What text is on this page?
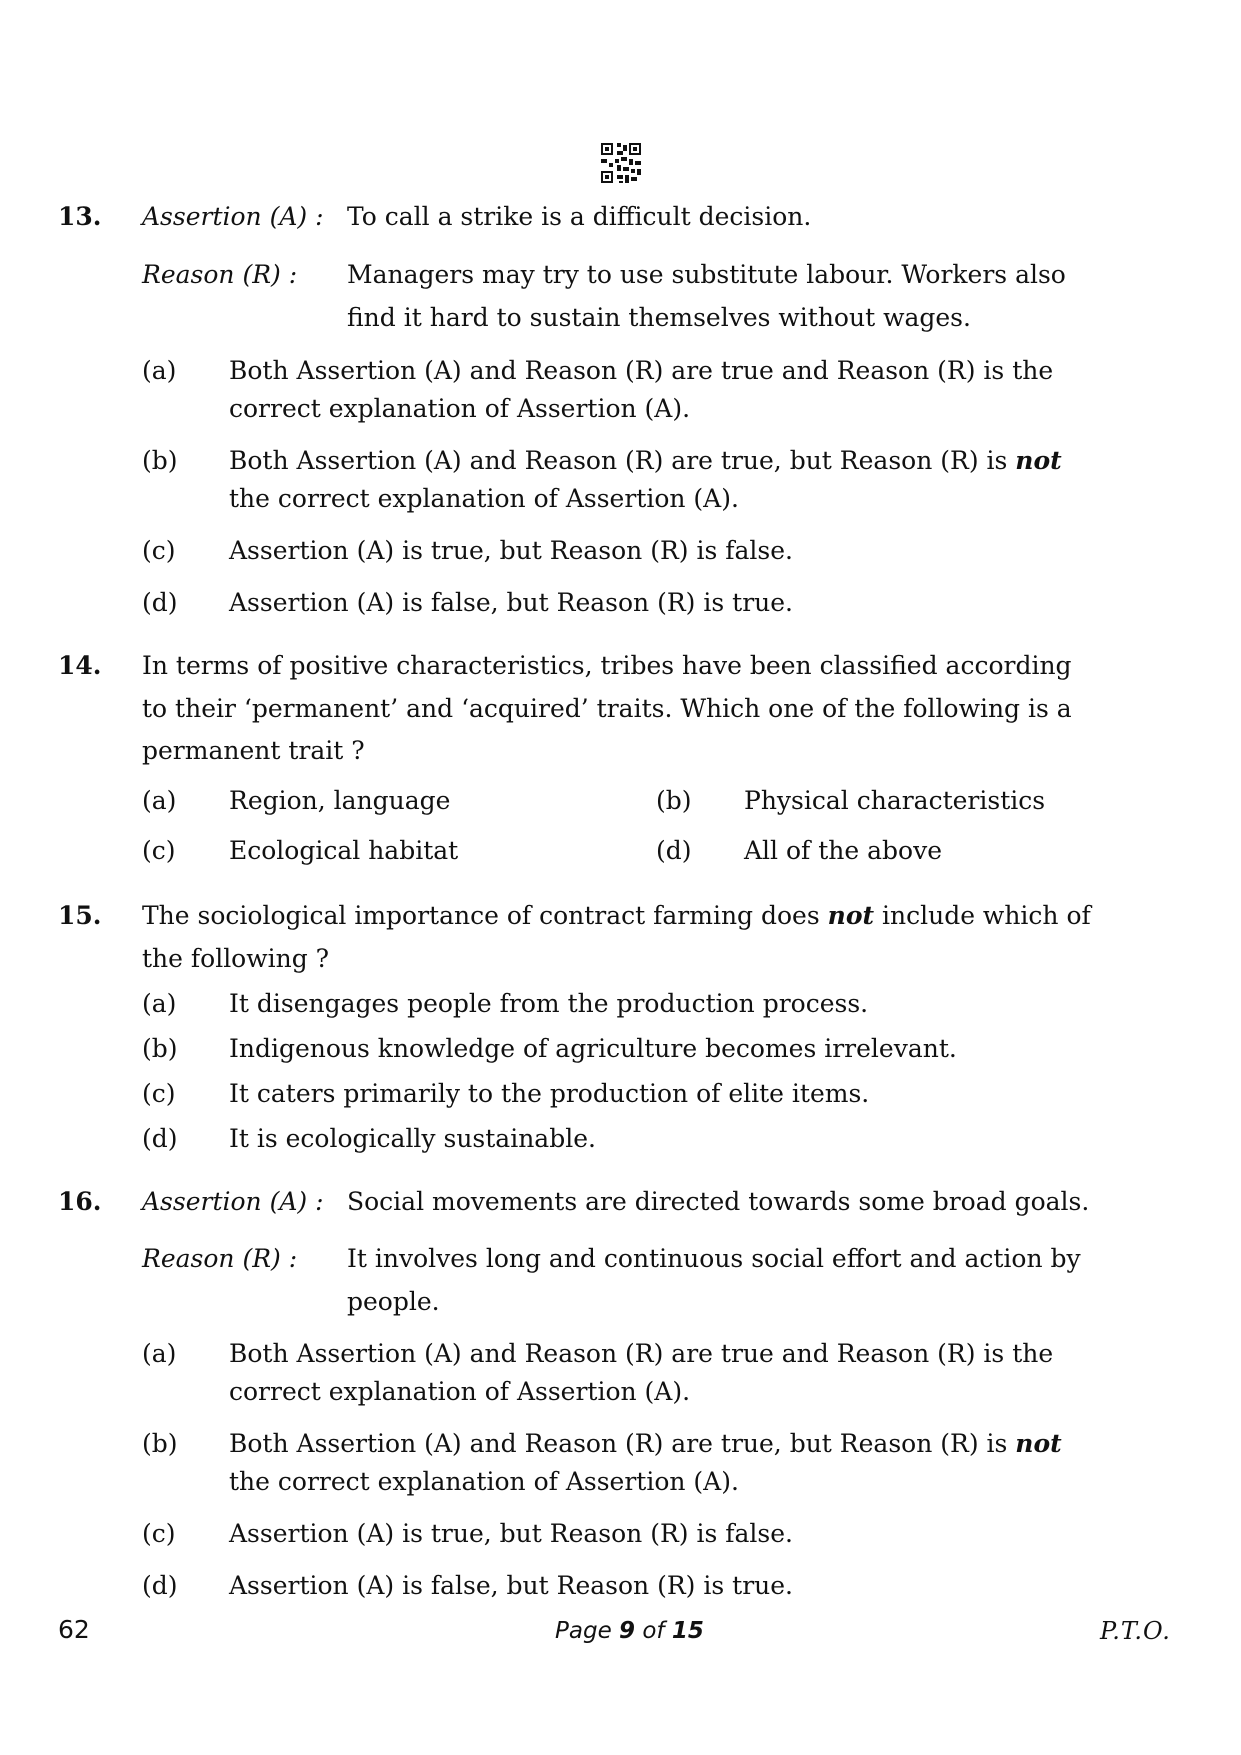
13. Assertion (A) : To call a strike is a difficult decision.
Reason (R) : Managers may try to use substitute labour. Workers also
find it hard to sustain themselves without wages.
(a) Both Assertion (A) and Reason (R) are true and Reason (R) is the
correct explanation of Assertion (A).
(b) Both Assertion (A) and Reason (R) are true, but Reason (R) is not
the correct explanation of Assertion (A).
(c) Assertion (A) is true, but Reason (R) is false.
(d) Assertion (A) is false, but Reason (R) is true.
14. In terms of positive characteristics, tribes have been classified according
to their ‘permanent’ and ‘acquired’ traits. Which one of the following is a
permanent trait ?
(a) Region, language	(b) Physical characteristics
(c) Ecological habitat	(d) All of the above
15. The sociological importance of contract farming does not include which of
the following ?
(a) It disengages people from the production process.
(b) Indigenous knowledge of agriculture becomes irrelevant.
(c) It caters primarily to the production of elite items.
(d) It is ecologically sustainable.
16. Assertion (A) : Social movements are directed towards some broad goals.
Reason (R) : It involves long and continuous social effort and action by
people.
(a) Both Assertion (A) and Reason (R) are true and Reason (R) is the
correct explanation of Assertion (A).
(b) Both Assertion (A) and Reason (R) are true, but Reason (R) is not
the correct explanation of Assertion (A).
(c) Assertion (A) is true, but Reason (R) is false.
(d) Assertion (A) is false, but Reason (R) is true.
62	Page 9 of 15	P.T.O.
